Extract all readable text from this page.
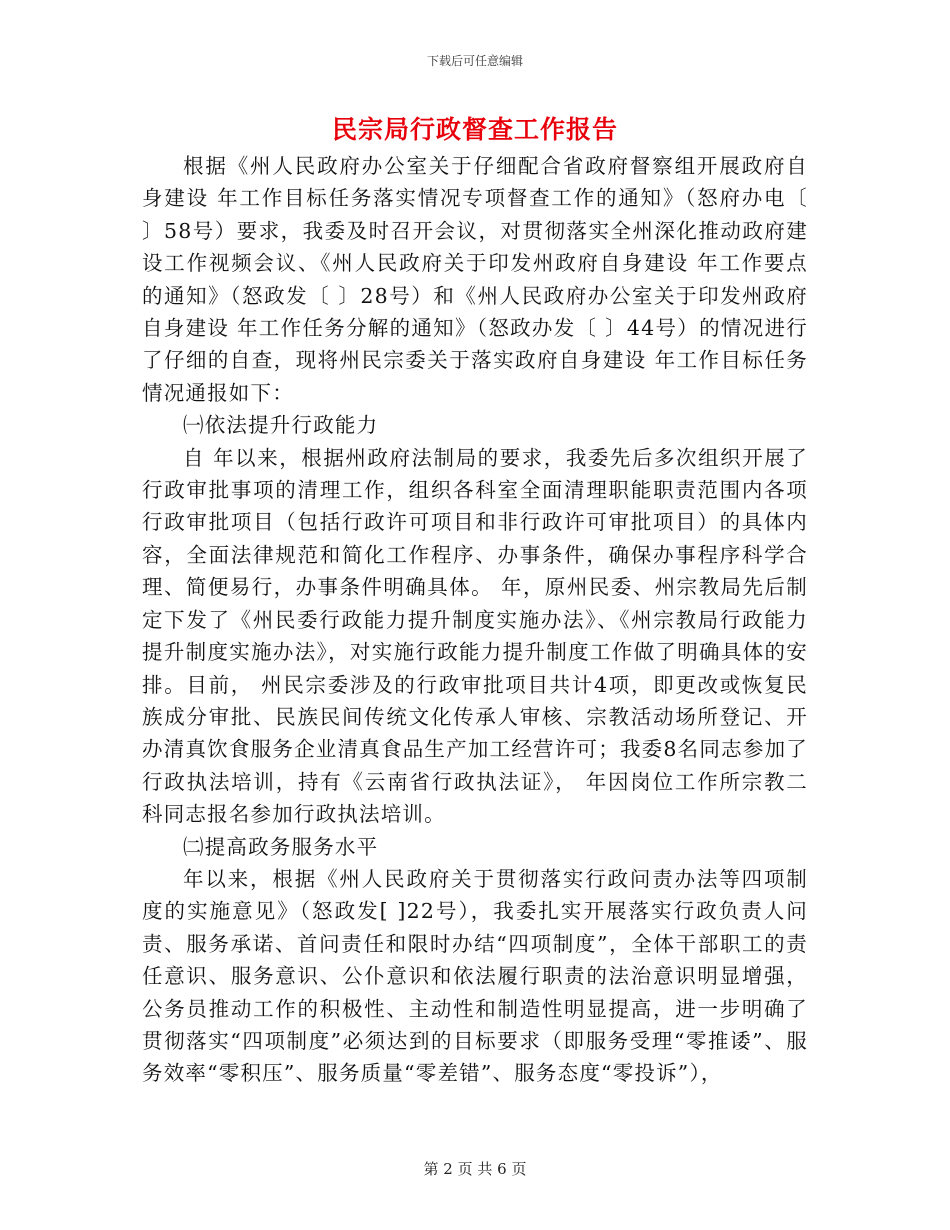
下载后可任意编辑
民宗局行政督查工作报告

根据《州人民政府办公室关于仔细配合省政府督察组开展政府自身建设 年工作目标任务落实情况专项督查工作的通知》（怒府办电〔 〕58号）要求，我委及时召开会议，对贯彻落实全州深化推动政府建设工作视频会议、《州人民政府关于印发州政府自身建设 年工作要点的通知》（怒政发〔 〕28号）和《州人民政府办公室关于印发州政府自身建设 年工作任务分解的通知》（怒政办发〔 〕44号）的情况进行了仔细的自查，现将州民宗委关于落实政府自身建设 年工作目标任务情况通报如下：

㈠依法提升行政能力

自 年以来，根据州政府法制局的要求，我委先后多次组织开展了行政审批事项的清理工作，组织各科室全面清理职能职责范围内各项行政审批项目（包括行政许可项目和非行政许可审批项目）的具体内容，全面法律规范和简化工作程序、办事条件，确保办事程序科学合理、简便易行，办事条件明确具体。 年，原州民委、州宗教局先后制定下发了《州民委行政能力提升制度实施办法》、《州宗教局行政能力提升制度实施办法》，对实施行政能力提升制度工作做了明确具体的安排。目前， 州民宗委涉及的行政审批项目共计4项，即更改或恢复民族成分审批、民族民间传统文化传承人审核、宗教活动场所登记、开办清真饮食服务企业清真食品生产加工经营许可；我委8名同志参加了行政执法培训，持有《云南省行政执法证》， 年因岗位工作所宗教二科同志报名参加行政执法培训。

㈡提高政务服务水平

年以来，根据《州人民政府关于贯彻落实行政问责办法等四项制度的实施意见》（怒政发[ ]22号），我委扎实开展落实行政负责人问责、服务承诺、首问责任和限时办结“四项制度”，全体干部职工的责任意识、服务意识、公仆意识和依法履行职责的法治意识明显增强，公务员推动工作的积极性、主动性和制造性明显提高，进一步明确了贯彻落实“四项制度”必须达到的目标要求（即服务受理“零推诿”、服务效率“零积压”、服务质量“零差错”、服务态度“零投诉”），

第 2 页 共 6 页
